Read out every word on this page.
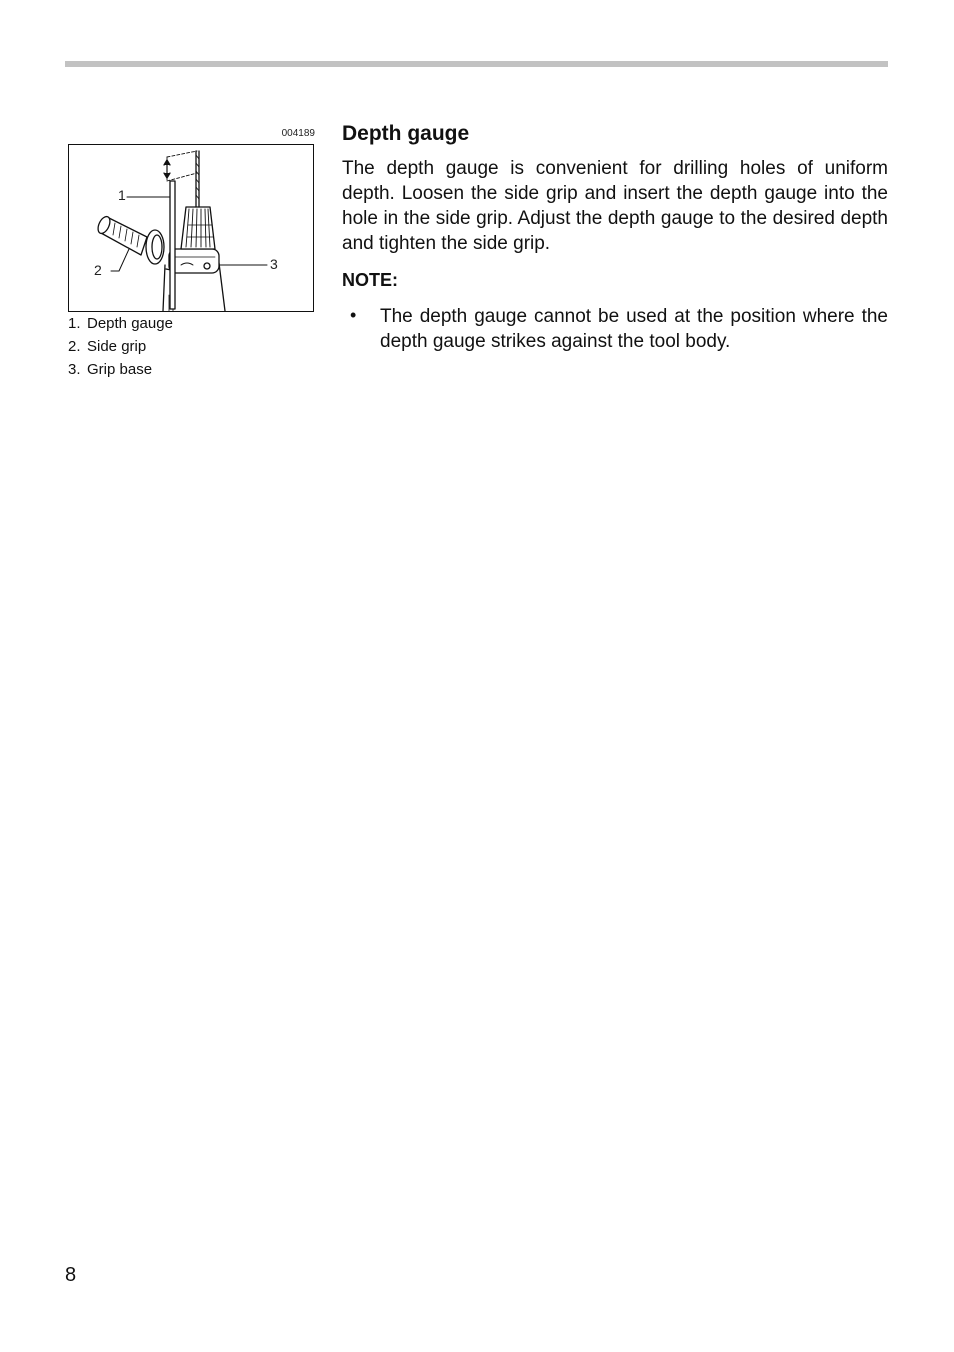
004189
1
2	3
1. Depth gauge
2. Side grip
3. Grip base
Depth gauge

The depth gauge is convenient for drilling holes of uniform depth. Loosen the side grip and insert the depth gauge into the hole in the side grip. Adjust the depth gauge to the desired depth and tighten the side grip.

NOTE:

• The depth gauge cannot be used at the position where the depth gauge strikes against the tool body.

8
